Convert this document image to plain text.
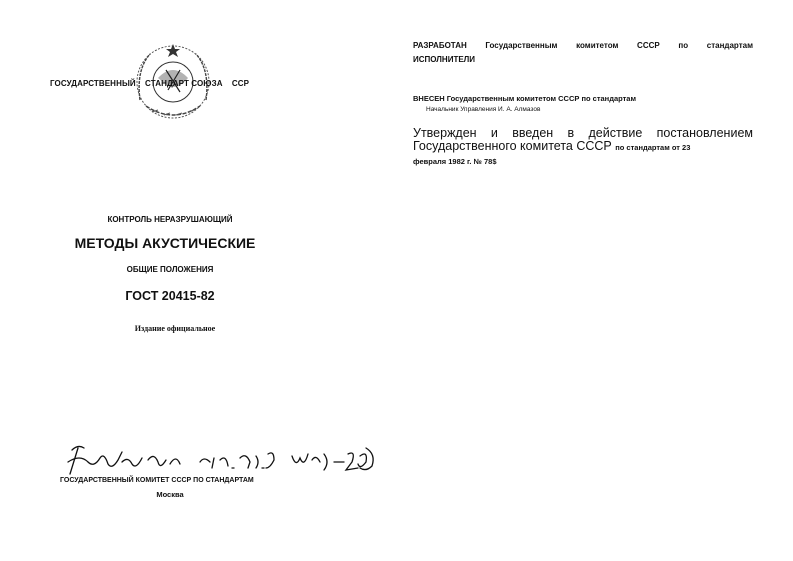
ГОСУДАРСТВЕННЫЙ СТАНДАРТ СОЮЗА ССР

РАЗРАБОТАН Государственным комитетом СССР по стандартам

ИСПОЛНИТЕЛИ

ВНЕСЕН Государственным комитетом СССР по стандартам

Начальник Управления И. А. Алмазов

Утвержден и введен в действие постановлением Государственного комитета СССР по стандартам от 23
февраля 1982 г. № 78$

КОНТРОЛЬ НЕРАЗРУШАЮЩИЙ

МЕТОДЫ АКУСТИЧЕСКИЕ

ОБЩИЕ ПОЛОЖЕНИЯ

ГОСТ 20415-82

Издание официальное

Проверен до 01.07.93. ИУС 2-88

ГОСУДАРСТВЕННЫЙ КОМИТЕТ СССР ПО СТАНДАРТАМ

Москва
